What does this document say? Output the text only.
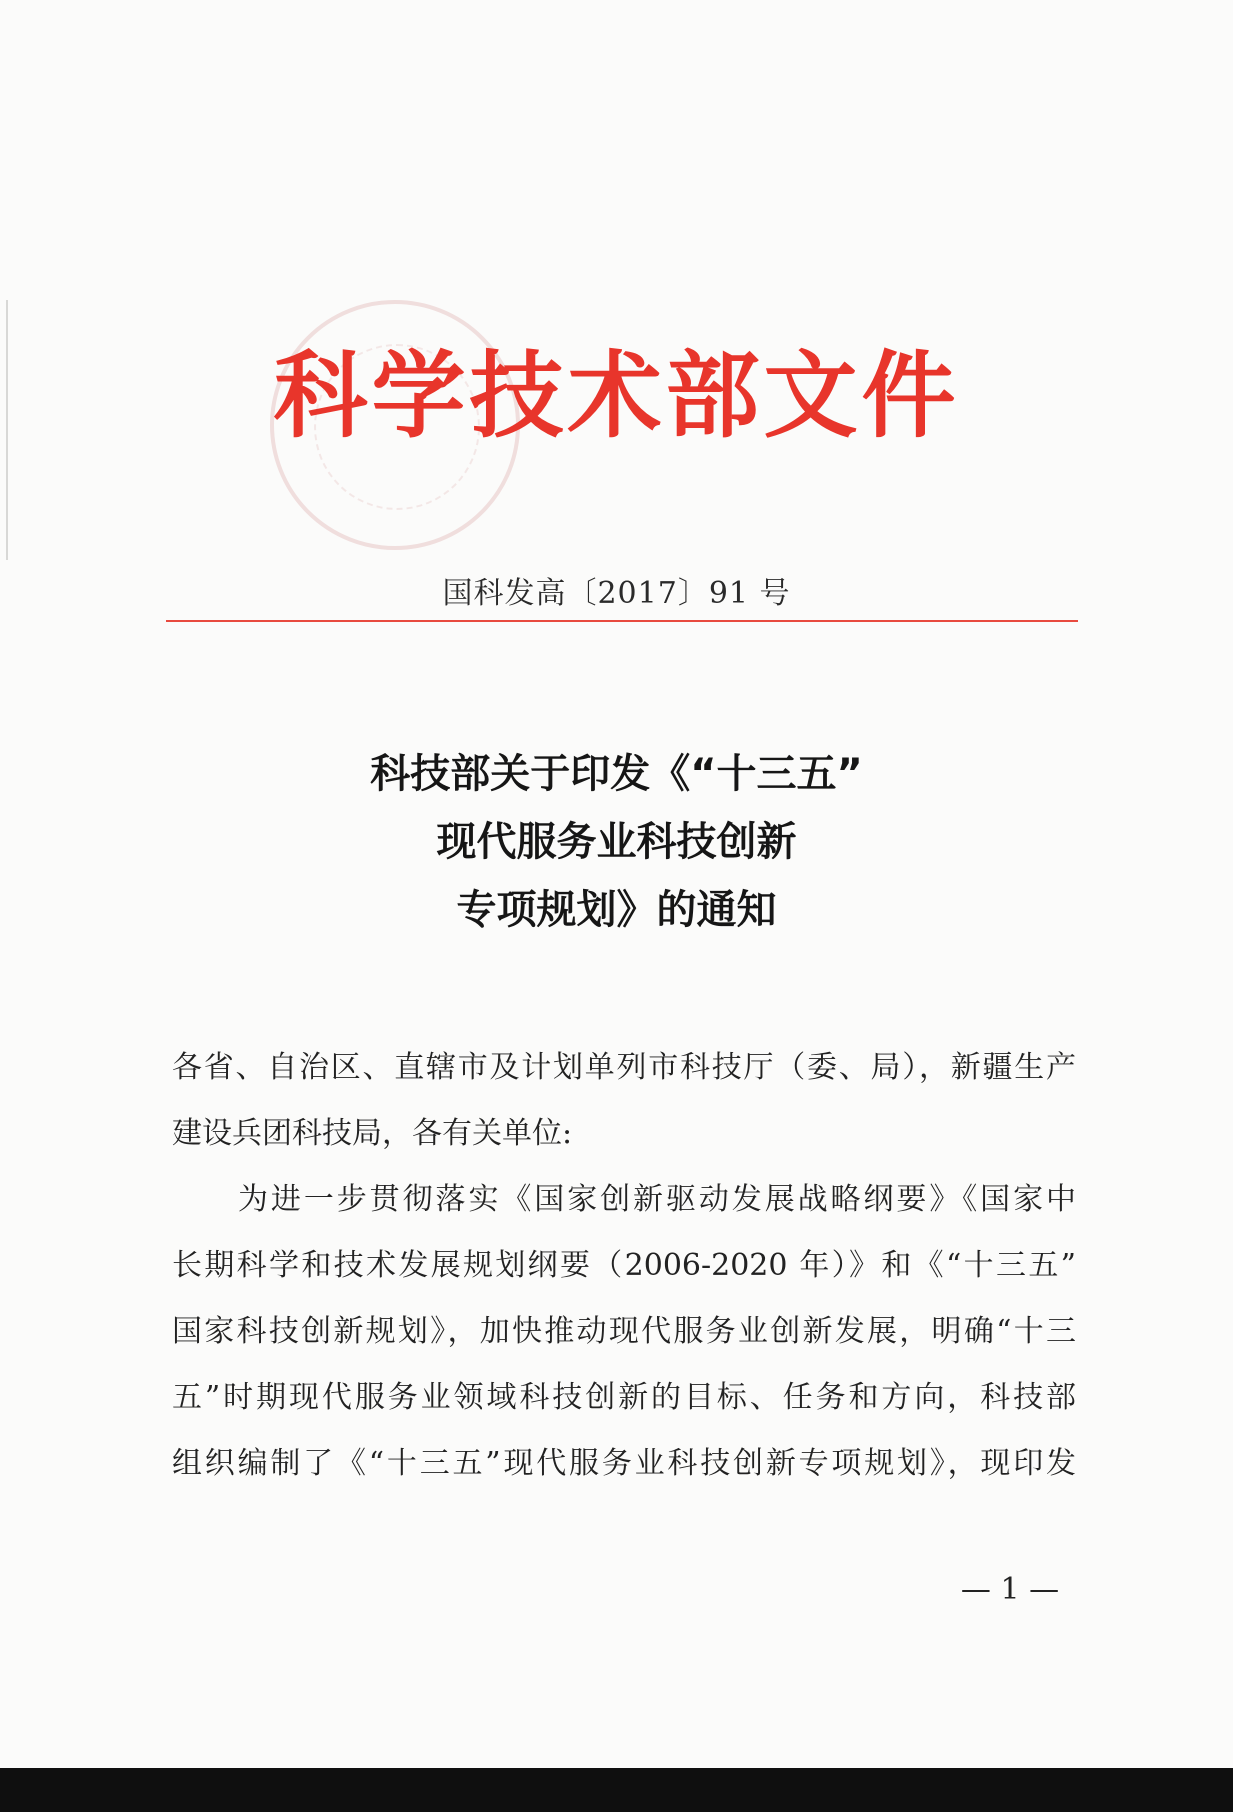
科学技术部文件
国科发高〔2017〕91 号
科技部关于印发《“十三五”
现代服务业科技创新
专项规划》的通知
各省、自治区、直辖市及计划单列市科技厅（委、局），新疆生产
建设兵团科技局，各有关单位:
为进一步贯彻落实《国家创新驱动发展战略纲要》《国家中
长期科学和技术发展规划纲要（2006-2020 年）》和《“十三五”
国家科技创新规划》，加快推动现代服务业创新发展，明确“十三
五”时期现代服务业领域科技创新的目标、任务和方向，科技部
组织编制了《“十三五”现代服务业科技创新专项规划》，现印发
— 1 —
